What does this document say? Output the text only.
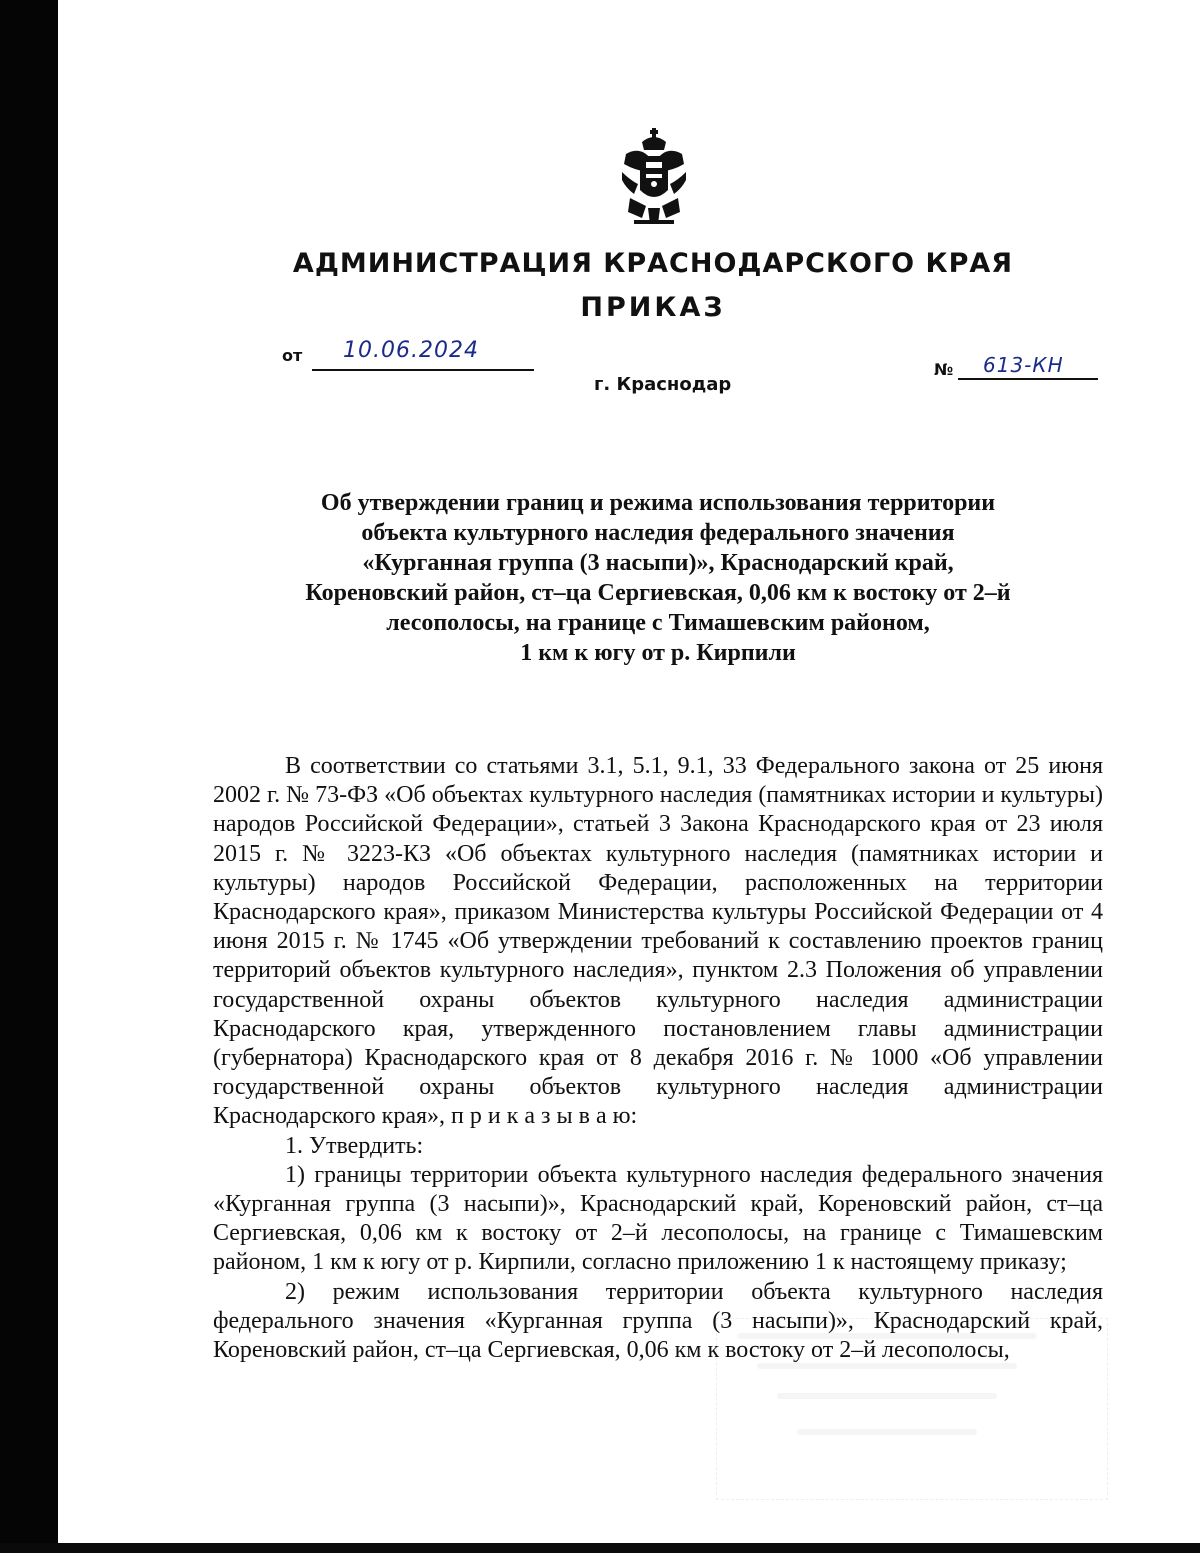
АДМИНИСТРАЦИЯ КРАСНОДАРСКОГО КРАЯ
ПРИКАЗ
от 10.06.2024
г. Краснодар
№ 613-КН
Об утверждении границ и режима использования территории
объекта культурного наследия федерального значения
«Курганная группа (3 насыпи)», Краснодарский край,
Кореновский район, ст–ца Сергиевская, 0,06 км к востоку от 2–й
лесополосы, на границе с Тимашевским районом,
1 км к югу от р. Кирпили

В соответствии со статьями 3.1, 5.1, 9.1, 33 Федерального закона от 25 июня 2002 г. № 73-ФЗ «Об объектах культурного наследия (памятниках истории и культуры) народов Российской Федерации», статьей 3 Закона Краснодарского края от 23 июля 2015 г. № 3223-КЗ «Об объектах культурного наследия (памятниках истории и культуры) народов Российской Федерации, расположенных на территории Краснодарского края», приказом Министерства культуры Российской Федерации от 4 июня 2015 г. № 1745 «Об утверждении требований к составлению проектов границ территорий объектов культурного наследия», пунктом 2.3 Положения об управлении государственной охраны объектов культурного наследия администрации Краснодарского края, утвержденного постановлением главы администрации (губернатора) Краснодарского края от 8 декабря 2016 г. № 1000 «Об управлении государственной охраны объектов культурного наследия администрации Краснодарского края», п р и к а з ы в а ю:

1. Утвердить:

1) границы территории объекта культурного наследия федерального значения «Курганная группа (3 насыпи)», Краснодарский край, Кореновский район, ст–ца Сергиевская, 0,06 км к востоку от 2–й лесополосы, на границе с Тимашевским районом, 1 км к югу от р. Кирпили, согласно приложению 1 к настоящему приказу;

2) режим использования территории объекта культурного наследия федерального значения «Курганная группа (3 насыпи)», Краснодарский край, Кореновский район, ст–ца Сергиевская, 0,06 км к востоку от 2–й лесополосы,
